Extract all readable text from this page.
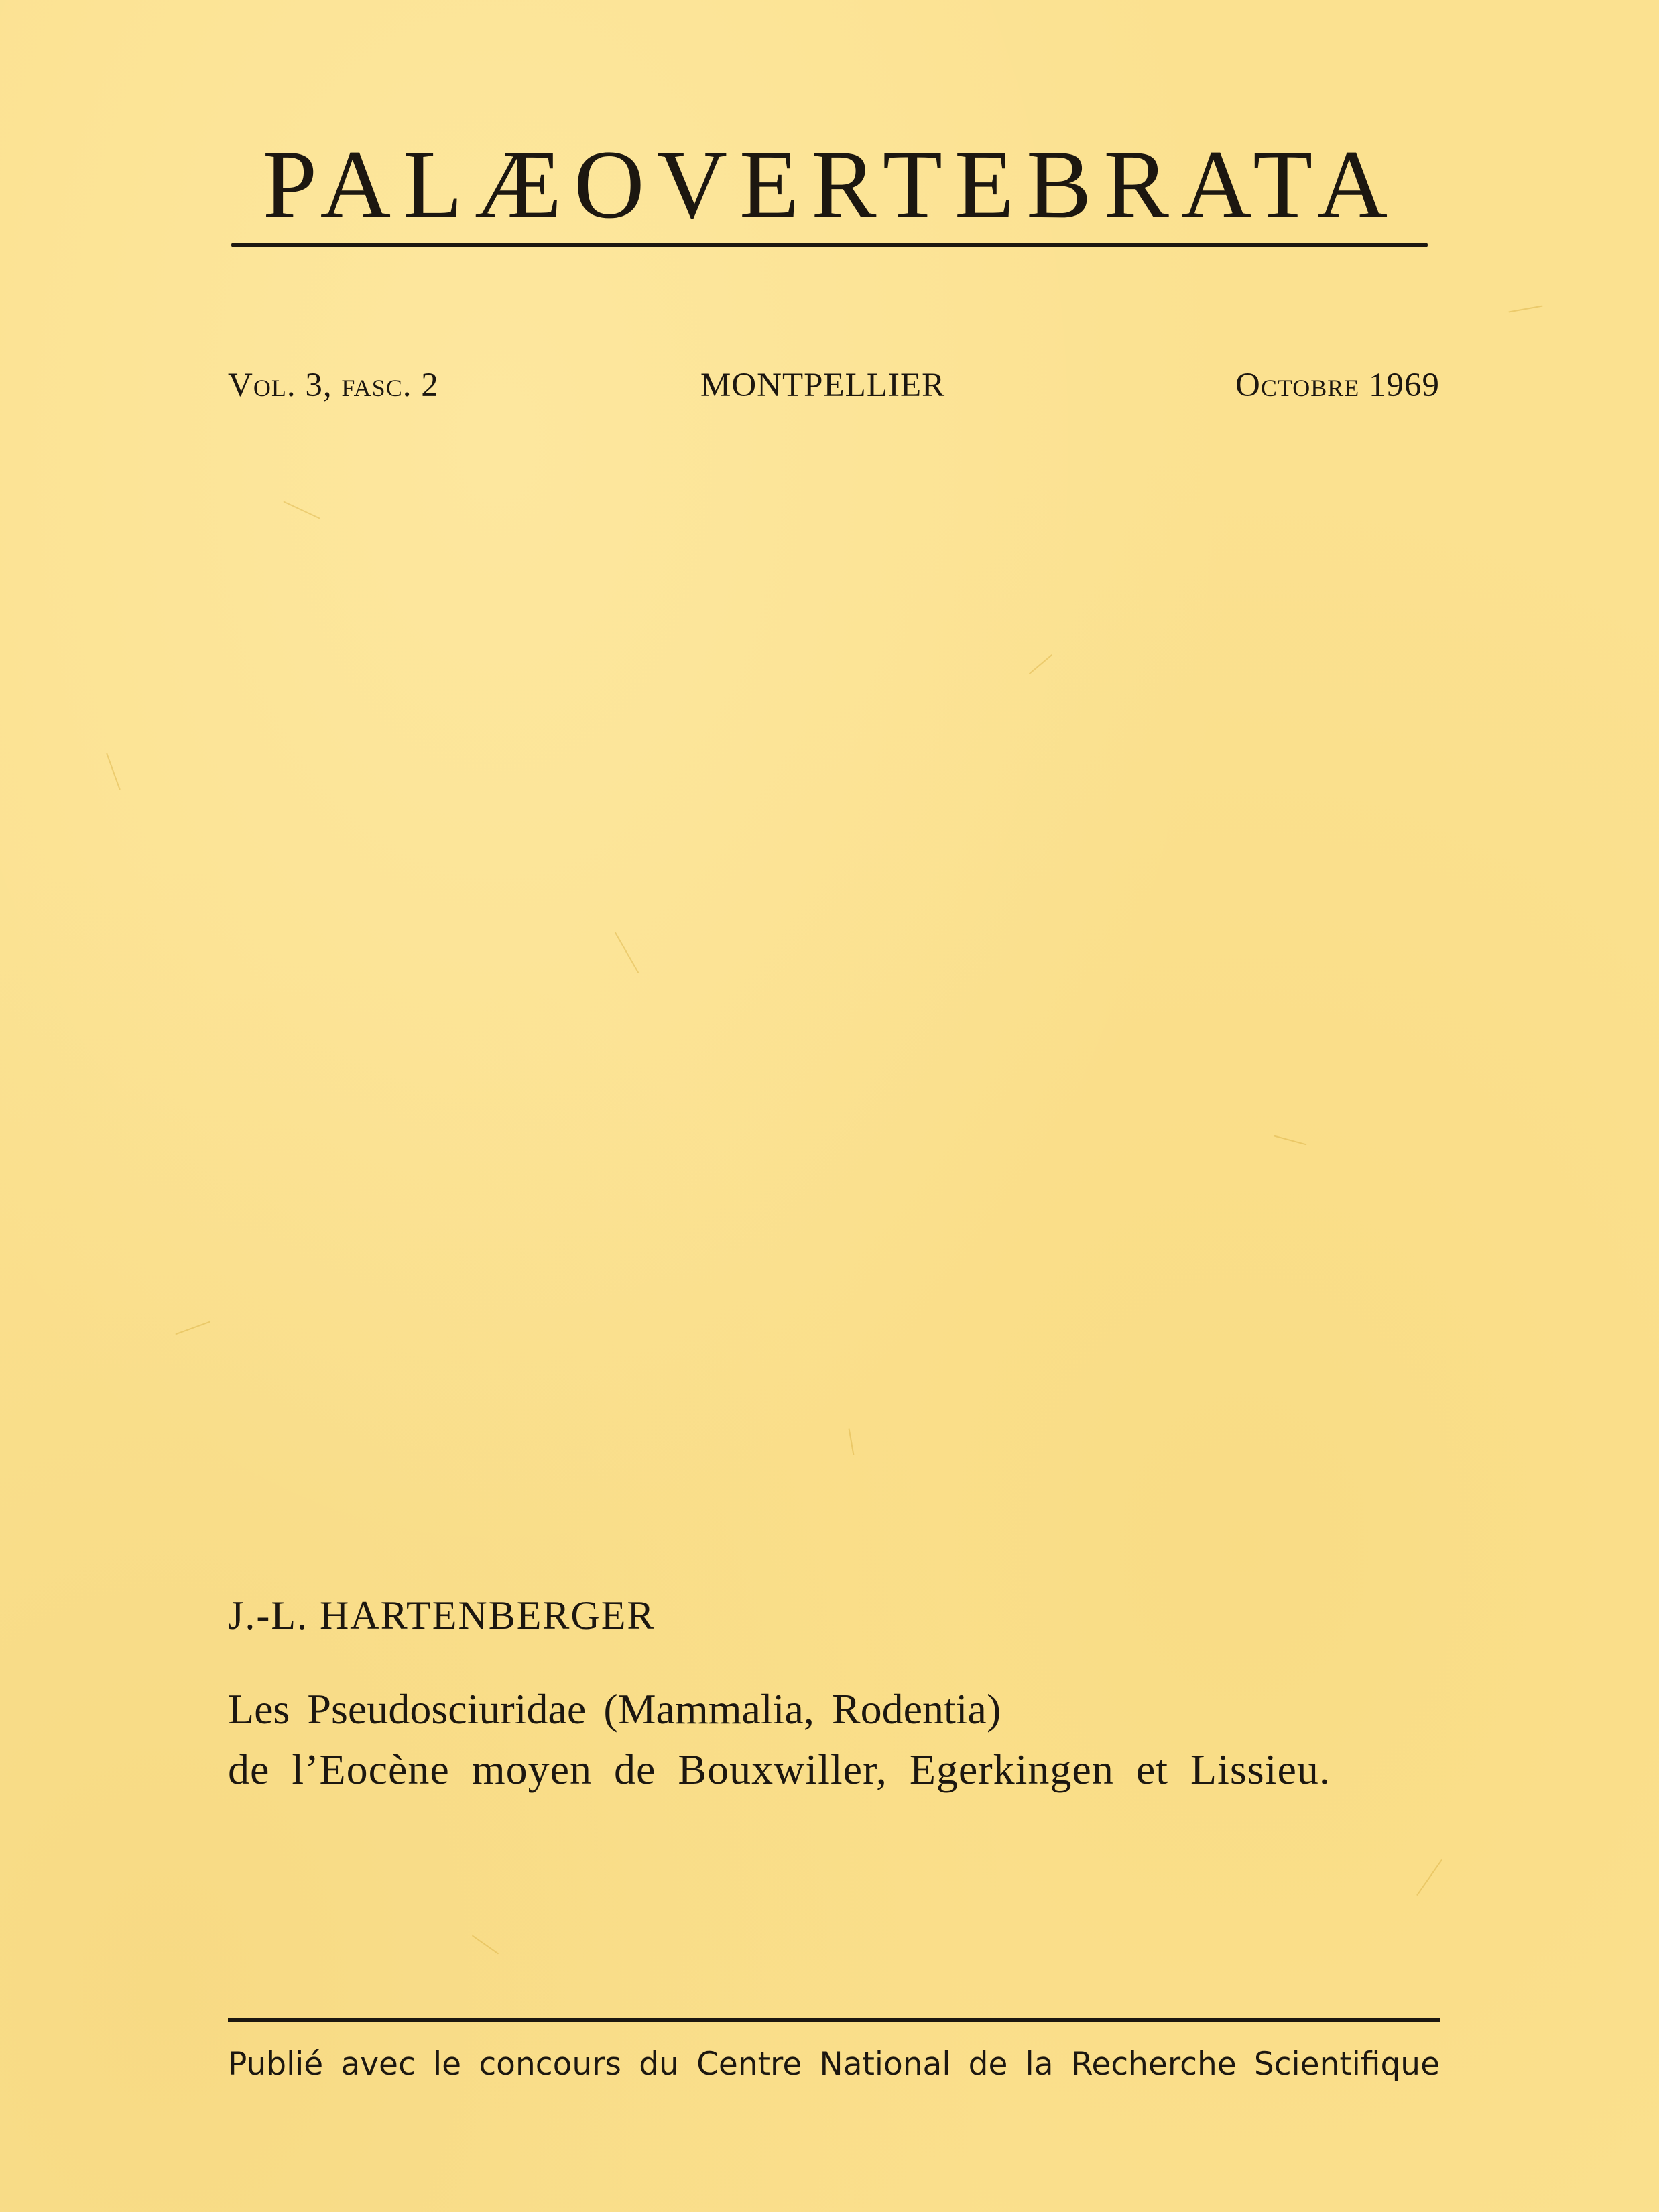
PALÆOVERTEBRATA
Vol. 3, fasc. 2	MONTPELLIER	Octobre 1969
J.-L. HARTENBERGER
Les Pseudosciuridae (Mammalia, Rodentia)
de l’Eocène moyen de Bouxwiller, Egerkingen et Lissieu.
Publié avec le concours du Centre National de la Recherche Scientifique
